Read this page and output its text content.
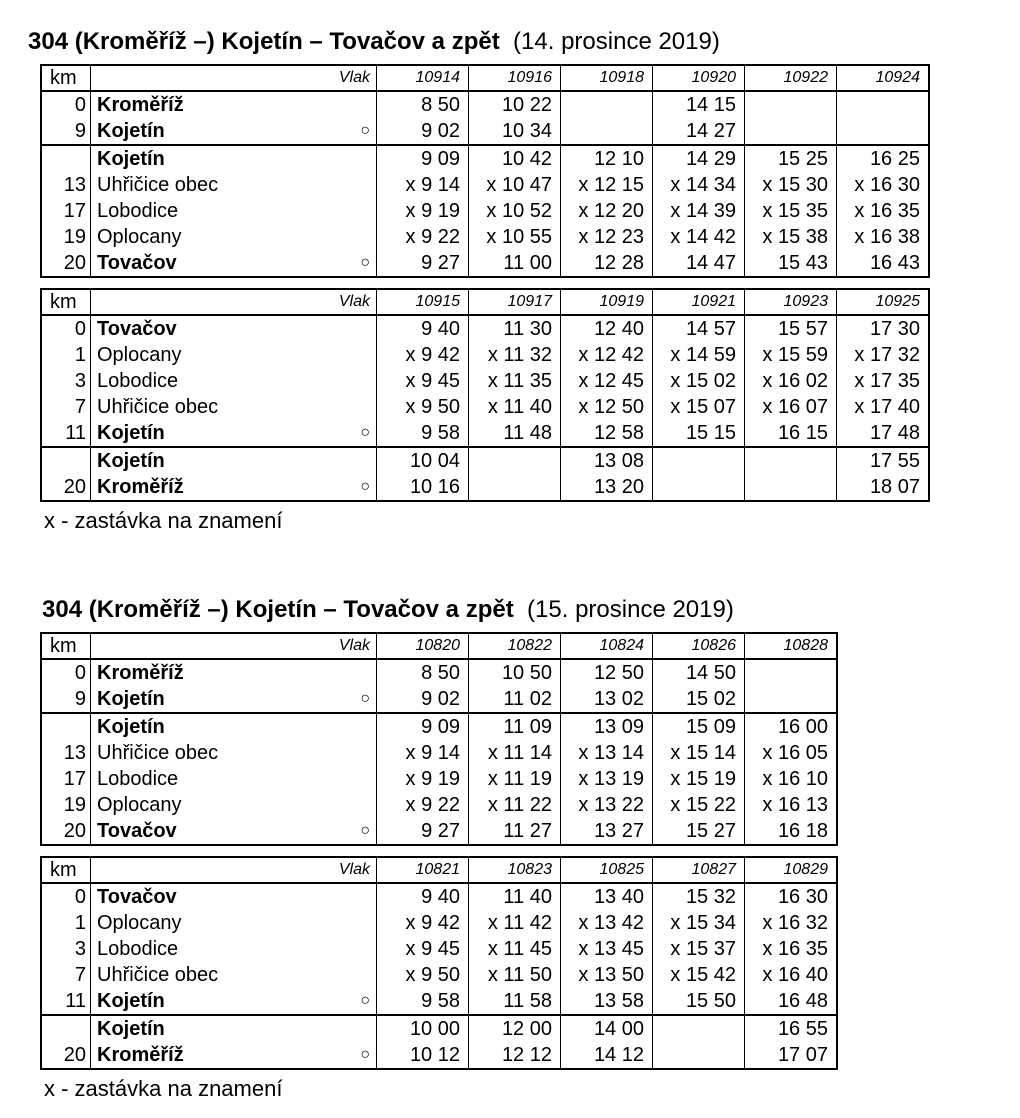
304 (Kroměříž –) Kojetín – Tovačov a zpět (14. prosince 2019)
km	Vlak	10914	10916	10918	10920	10922	10924
0	Kroměříž	8 50	10 22		14 15		
9	Kojetín ○	9 02	10 34		14 27		
	Kojetín	9 09	10 42	12 10	14 29	15 25	16 25
13	Uhřičice obec	x 9 14	x 10 47	x 12 15	x 14 34	x 15 30	x 16 30
17	Lobodice	x 9 19	x 10 52	x 12 20	x 14 39	x 15 35	x 16 35
19	Oplocany	x 9 22	x 10 55	x 12 23	x 14 42	x 15 38	x 16 38
20	Tovačov ○	9 27	11 00	12 28	14 47	15 43	16 43
km	Vlak	10915	10917	10919	10921	10923	10925
0	Tovačov	9 40	11 30	12 40	14 57	15 57	17 30
1	Oplocany	x 9 42	x 11 32	x 12 42	x 14 59	x 15 59	x 17 32
3	Lobodice	x 9 45	x 11 35	x 12 45	x 15 02	x 16 02	x 17 35
7	Uhřičice obec	x 9 50	x 11 40	x 12 50	x 15 07	x 16 07	x 17 40
11	Kojetín ○	9 58	11 48	12 58	15 15	16 15	17 48
	Kojetín	10 04		13 08			17 55
20	Kroměříž ○	10 16		13 20			18 07
x - zastávka na znamení
304 (Kroměříž –) Kojetín – Tovačov a zpět (15. prosince 2019)
km	Vlak	10820	10822	10824	10826	10828
0	Kroměříž	8 50	10 50	12 50	14 50	
9	Kojetín ○	9 02	11 02	13 02	15 02	
	Kojetín	9 09	11 09	13 09	15 09	16 00
13	Uhřičice obec	x 9 14	x 11 14	x 13 14	x 15 14	x 16 05
17	Lobodice	x 9 19	x 11 19	x 13 19	x 15 19	x 16 10
19	Oplocany	x 9 22	x 11 22	x 13 22	x 15 22	x 16 13
20	Tovačov ○	9 27	11 27	13 27	15 27	16 18
km	Vlak	10821	10823	10825	10827	10829
0	Tovačov	9 40	11 40	13 40	15 32	16 30
1	Oplocany	x 9 42	x 11 42	x 13 42	x 15 34	x 16 32
3	Lobodice	x 9 45	x 11 45	x 13 45	x 15 37	x 16 35
7	Uhřičice obec	x 9 50	x 11 50	x 13 50	x 15 42	x 16 40
11	Kojetín ○	9 58	11 58	13 58	15 50	16 48
	Kojetín	10 00	12 00	14 00		16 55
20	Kroměříž ○	10 12	12 12	14 12		17 07
x - zastávka na znamení
